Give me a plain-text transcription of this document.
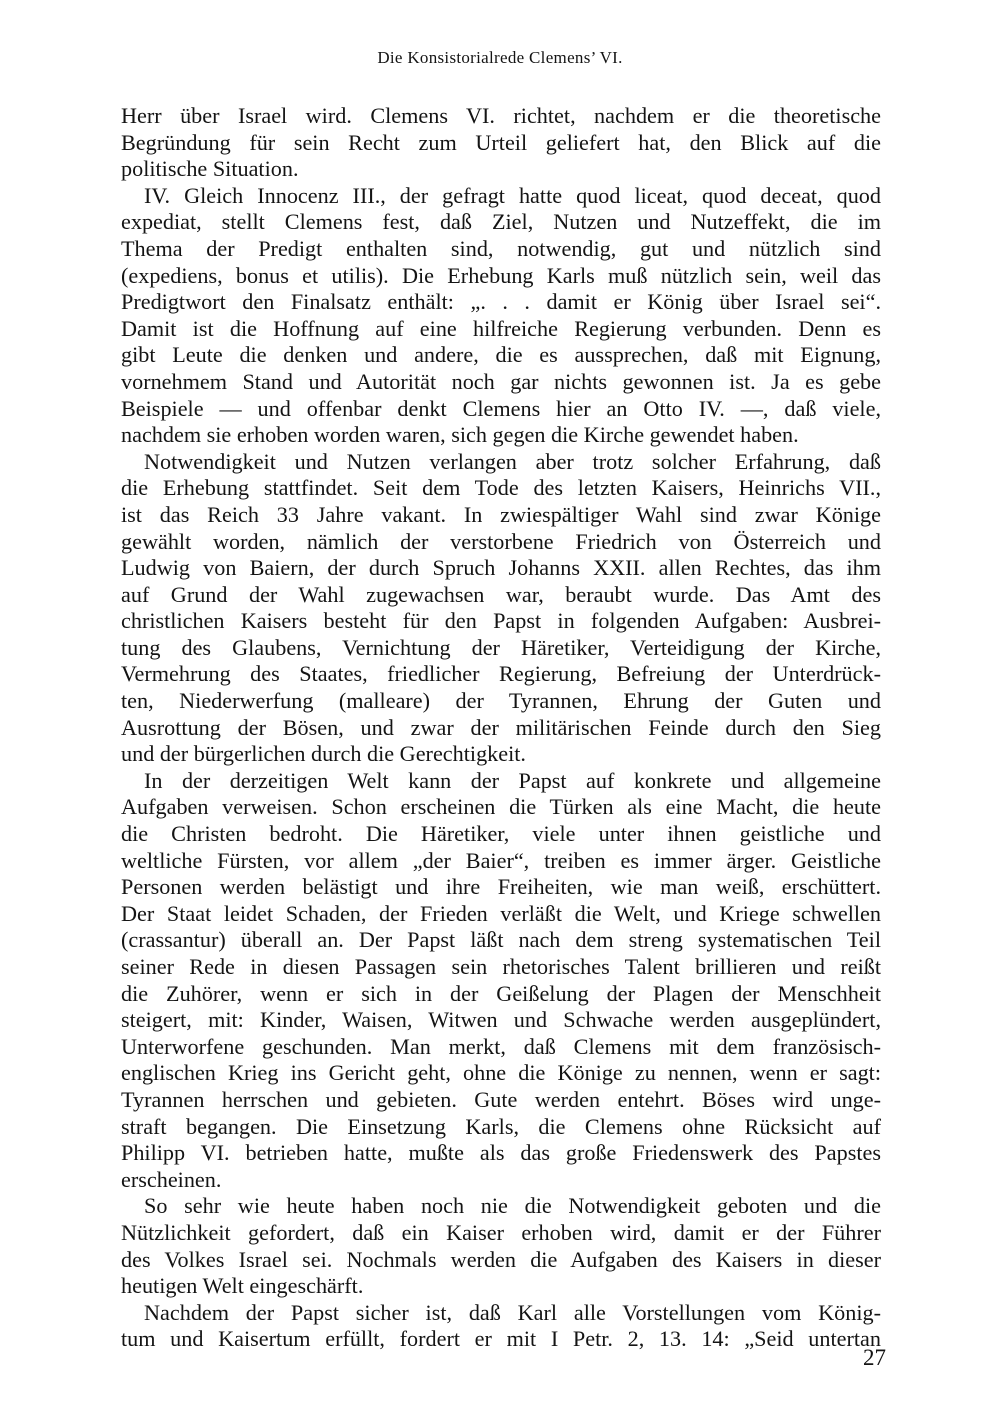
Die Konsistorialrede Clemens’ VI.

Herr über Israel wird. Clemens VI. richtet, nachdem er die theoretische
Begründung für sein Recht zum Urteil geliefert hat, den Blick auf die
politische Situation.

IV. Gleich Innocenz III., der gefragt hatte quod liceat, quod deceat, quod
expediat, stellt Clemens fest, daß Ziel, Nutzen und Nutzeffekt, die im
Thema der Predigt enthalten sind, notwendig, gut und nützlich sind
(expediens, bonus et utilis). Die Erhebung Karls muß nützlich sein, weil das
Predigtwort den Finalsatz enthält: „. . . damit er König über Israel sei“.
Damit ist die Hoffnung auf eine hilfreiche Regierung verbunden. Denn es
gibt Leute die denken und andere, die es aussprechen, daß mit Eignung,
vornehmem Stand und Autorität noch gar nichts gewonnen ist. Ja es gebe
Beispiele — und offenbar denkt Clemens hier an Otto IV. —, daß viele,
nachdem sie erhoben worden waren, sich gegen die Kirche gewendet haben.

Notwendigkeit und Nutzen verlangen aber trotz solcher Erfahrung, daß
die Erhebung stattfindet. Seit dem Tode des letzten Kaisers, Heinrichs VII.,
ist das Reich 33 Jahre vakant. In zwiespältiger Wahl sind zwar Könige
gewählt worden, nämlich der verstorbene Friedrich von Österreich und
Ludwig von Baiern, der durch Spruch Johanns XXII. allen Rechtes, das ihm
auf Grund der Wahl zugewachsen war, beraubt wurde. Das Amt des
christlichen Kaisers besteht für den Papst in folgenden Aufgaben: Ausbrei-
tung des Glaubens, Vernichtung der Häretiker, Verteidigung der Kirche,
Vermehrung des Staates, friedlicher Regierung, Befreiung der Unterdrück-
ten, Niederwerfung (malleare) der Tyrannen, Ehrung der Guten und
Ausrottung der Bösen, und zwar der militärischen Feinde durch den Sieg
und der bürgerlichen durch die Gerechtigkeit.

In der derzeitigen Welt kann der Papst auf konkrete und allgemeine
Aufgaben verweisen. Schon erscheinen die Türken als eine Macht, die heute
die Christen bedroht. Die Häretiker, viele unter ihnen geistliche und
weltliche Fürsten, vor allem „der Baier“, treiben es immer ärger. Geistliche
Personen werden belästigt und ihre Freiheiten, wie man weiß, erschüttert.
Der Staat leidet Schaden, der Frieden verläßt die Welt, und Kriege schwellen
(crassantur) überall an. Der Papst läßt nach dem streng systematischen Teil
seiner Rede in diesen Passagen sein rhetorisches Talent brillieren und reißt
die Zuhörer, wenn er sich in der Geißelung der Plagen der Menschheit
steigert, mit: Kinder, Waisen, Witwen und Schwache werden ausgeplündert,
Unterworfene geschunden. Man merkt, daß Clemens mit dem französisch-
englischen Krieg ins Gericht geht, ohne die Könige zu nennen, wenn er sagt:
Tyrannen herrschen und gebieten. Gute werden entehrt. Böses wird unge-
straft begangen. Die Einsetzung Karls, die Clemens ohne Rücksicht auf
Philipp VI. betrieben hatte, mußte als das große Friedenswerk des Papstes
erscheinen.

So sehr wie heute haben noch nie die Notwendigkeit geboten und die
Nützlichkeit gefordert, daß ein Kaiser erhoben wird, damit er der Führer
des Volkes Israel sei. Nochmals werden die Aufgaben des Kaisers in dieser
heutigen Welt eingeschärft.

Nachdem der Papst sicher ist, daß Karl alle Vorstellungen vom König-
tum und Kaisertum erfüllt, fordert er mit I Petr. 2, 13. 14: „Seid untertan

27
